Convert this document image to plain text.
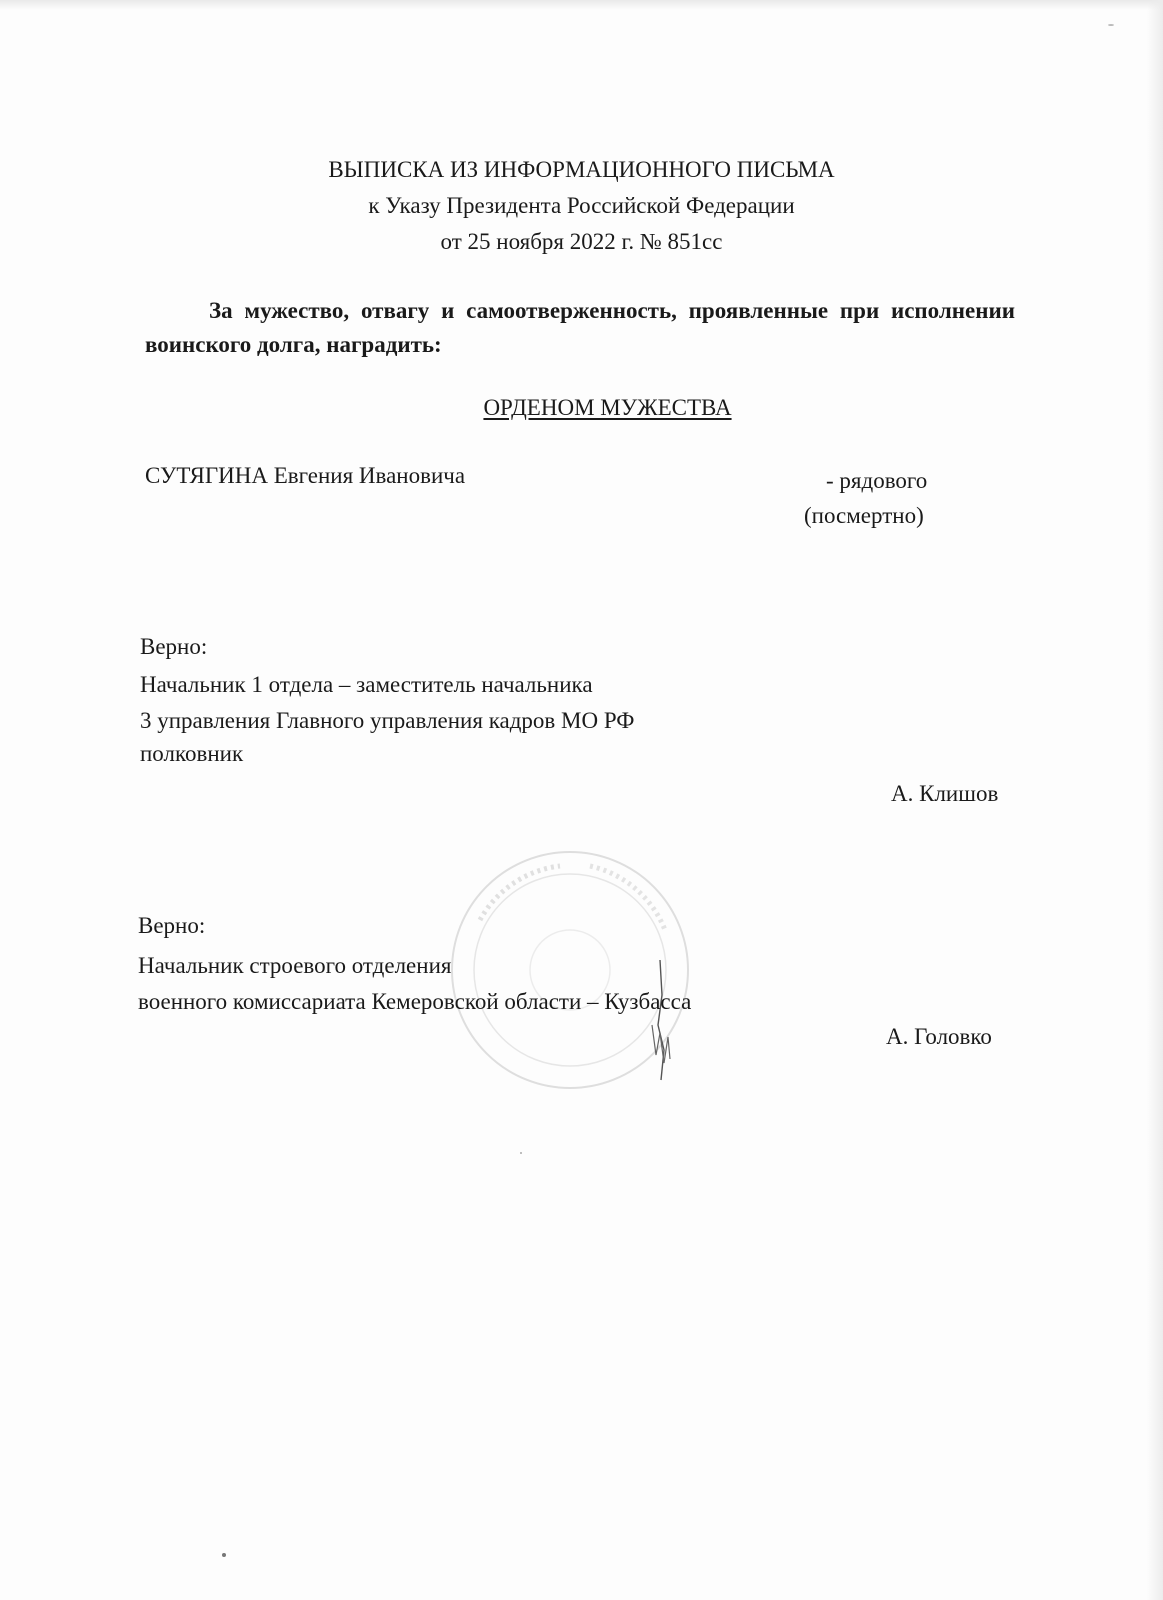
ВЫПИСКА ИЗ ИНФОРМАЦИОННОГО ПИСЬМА
к Указу Президента Российской Федерации
от 25 ноября 2022 г. № 851сс
За мужество, отвагу и самоотверженность, проявленные при исполнении воинского долга, наградить:
ОРДЕНОМ МУЖЕСТВА
СУТЯГИНА Евгения Ивановича	- рядового
(посмертно)
Верно:
Начальник 1 отдела – заместитель начальника
3 управления Главного управления кадров МО РФ
полковник
А. Клишов
Верно:
Начальник строевого отделения
военного комиссариата Кемеровской области – Кузбасса
А. Головко
